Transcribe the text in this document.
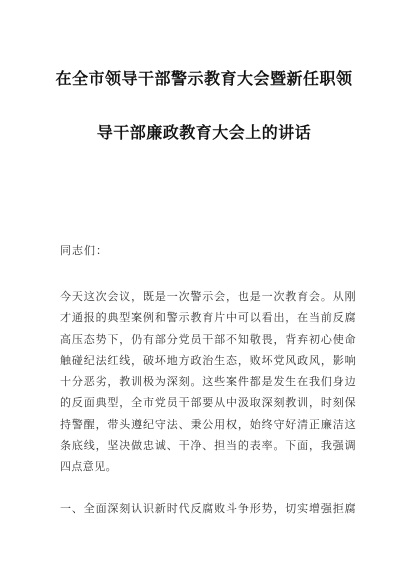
在全市领导干部警示教育大会暨新任职领
导干部廉政教育大会上的讲话
同志们：
今天这次会议，既是一次警示会，也是一次教育会。从刚
才通报的典型案例和警示教育片中可以看出，在当前反腐
高压态势下，仍有部分党员干部不知敬畏，背弃初心使命
触碰纪法红线，破坏地方政治生态，败坏党风政风，影响
十分恶劣，教训极为深刻。这些案件都是发生在我们身边
的反面典型，全市党员干部要从中汲取深刻教训，时刻保
持警醒，带头遵纪守法、秉公用权，始终守好清正廉洁这
条底线，坚决做忠诚、干净、担当的表率。下面，我强调
四点意见。
一、全面深刻认识新时代反腐败斗争形势，切实增强拒腐
